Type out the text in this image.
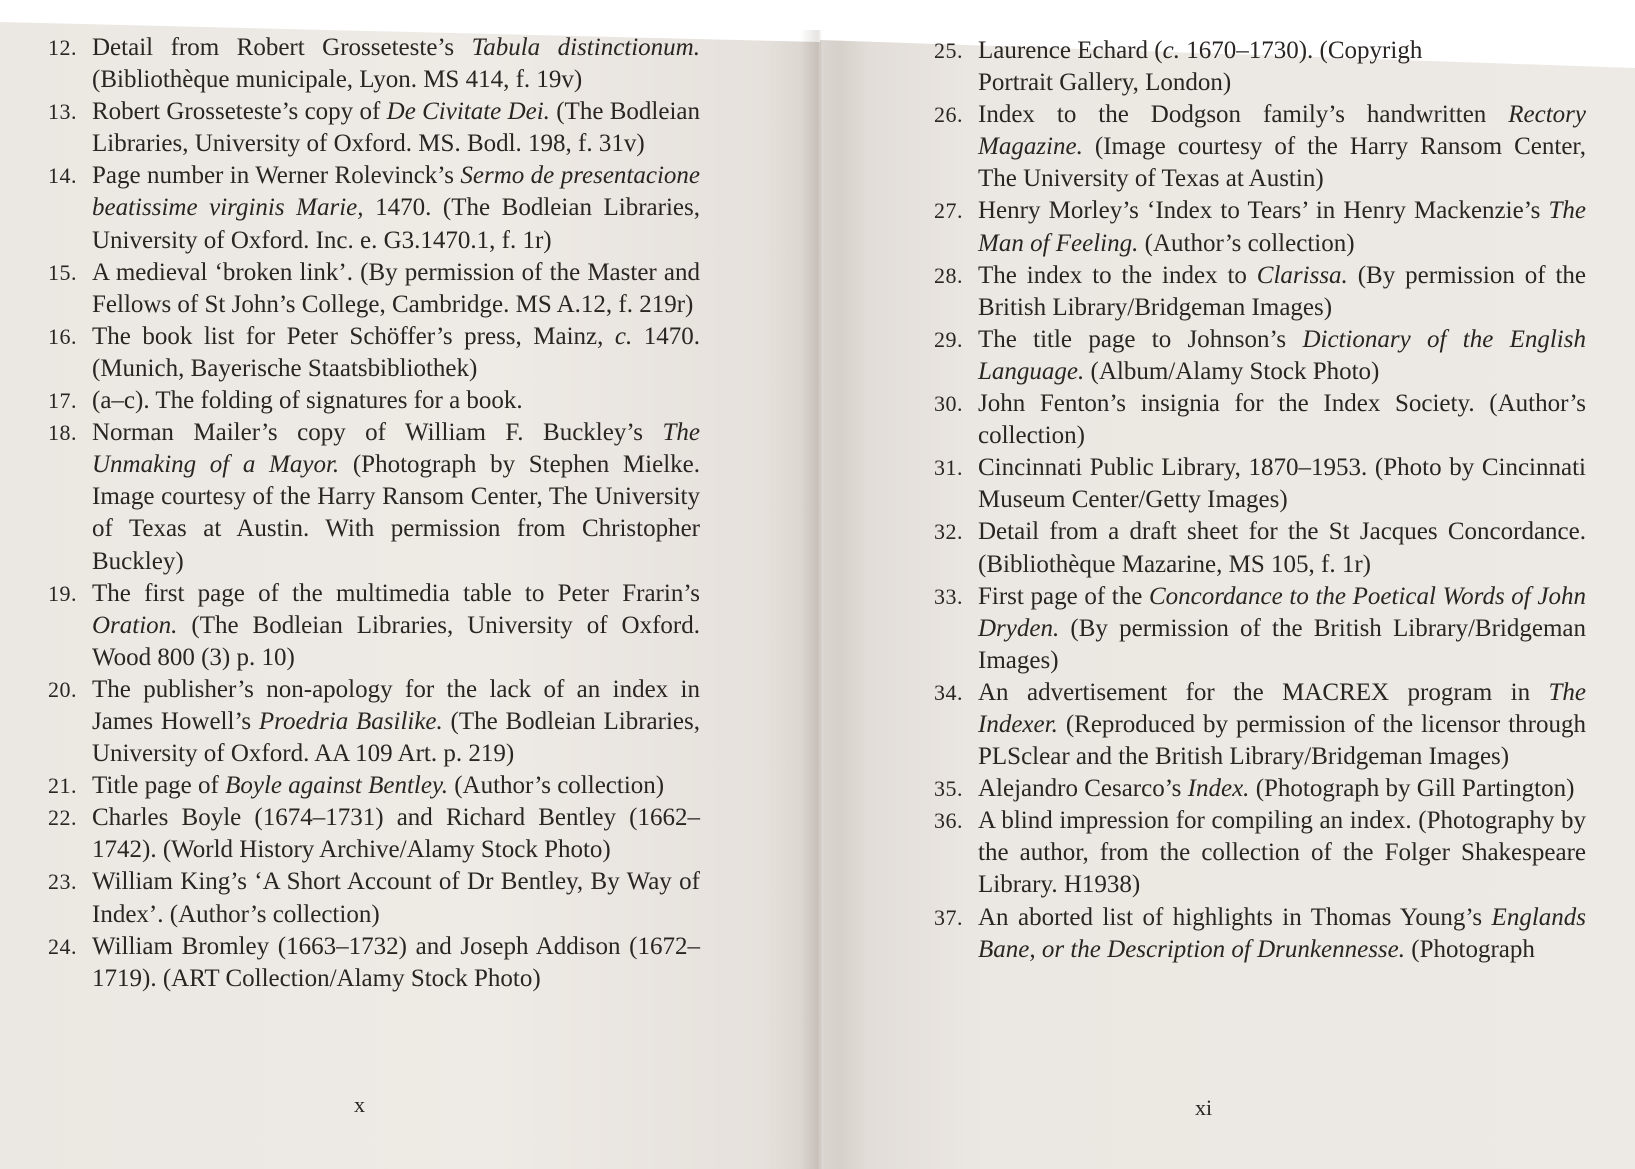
12. Detail from Robert Grosseteste’s Tabula distinctionum. (Bibliothèque municipale, Lyon. MS 414, f. 19v)
13. Robert Grosseteste’s copy of De Civitate Dei. (The Bodleian Libraries, University of Oxford. MS. Bodl. 198, f. 31v)
14. Page number in Werner Rolevinck’s Sermo de presentacione beatissime virginis Marie, 1470. (The Bodleian Libraries, University of Oxford. Inc. e. G3.1470.1, f. 1r)
15. A medieval ‘broken link’. (By permission of the Master and Fellows of St John’s College, Cambridge. MS A.12, f. 219r)
16. The book list for Peter Schöffer’s press, Mainz, c. 1470. (Munich, Bayerische Staatsbibliothek)
17. (a–c). The folding of signatures for a book.
18. Norman Mailer’s copy of William F. Buckley’s The Unmaking of a Mayor. (Photograph by Stephen Mielke. Image courtesy of the Harry Ransom Center, The University of Texas at Austin. With permission from Christopher Buckley)
19. The first page of the multimedia table to Peter Frarin’s Oration. (The Bodleian Libraries, University of Oxford. Wood 800 (3) p. 10)
20. The publisher’s non-apology for the lack of an index in James Howell’s Proedria Basilike. (The Bodleian Libraries, University of Oxford. AA 109 Art. p. 219)
21. Title page of Boyle against Bentley. (Author’s collection)
22. Charles Boyle (1674–1731) and Richard Bentley (1662–1742). (World History Archive/Alamy Stock Photo)
23. William King’s ‘A Short Account of Dr Bentley, By Way of Index’. (Author’s collection)
24. William Bromley (1663–1732) and Joseph Addison (1672–1719). (ART Collection/Alamy Stock Photo)
25. Laurence Echard (c. 1670–1730). (Copyrigh
Portrait Gallery, London)
26. Index to the Dodgson family’s handwritten Rectory Magazine. (Image courtesy of the Harry Ransom Center, The University of Texas at Austin)
27. Henry Morley’s ‘Index to Tears’ in Henry Mackenzie’s The Man of Feeling. (Author’s collection)
28. The index to the index to Clarissa. (By permission of the British Library/Bridgeman Images)
29. The title page to Johnson’s Dictionary of the English Language. (Album/Alamy Stock Photo)
30. John Fenton’s insignia for the Index Society. (Author’s collection)
31. Cincinnati Public Library, 1870–1953. (Photo by Cincinnati Museum Center/Getty Images)
32. Detail from a draft sheet for the St Jacques Concordance. (Bibliothèque Mazarine, MS 105, f. 1r)
33. First page of the Concordance to the Poetical Words of John Dryden. (By permission of the British Library/Bridgeman Images)
34. An advertisement for the MACREX program in The Indexer. (Reproduced by permission of the licensor through PLSclear and the British Library/Bridgeman Images)
35. Alejandro Cesarco’s Index. (Photograph by Gill Partington)
36. A blind impression for compiling an index. (Photography by the author, from the collection of the Folger Shakespeare Library. H1938)
37. An aborted list of highlights in Thomas Young’s Englands Bane, or the Description of Drunkennesse. (Photograph
x	xi
